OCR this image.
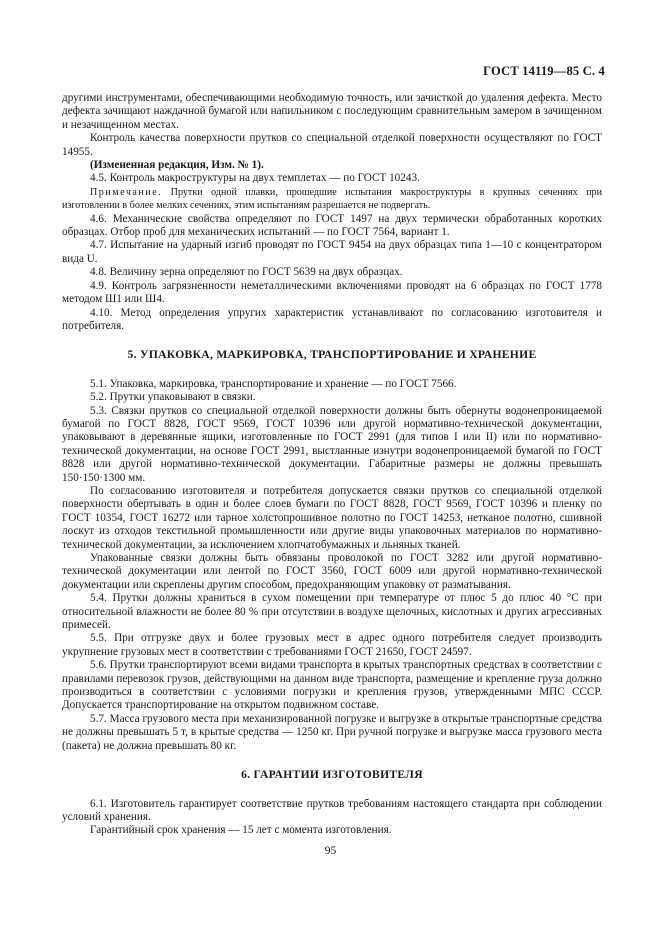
ГОСТ 14119—85 С. 4

другими инструментами, обеспечивающими необходимую точность, или зачисткой до удаления дефекта. Место дефекта зачищают наждачной бумагой или напильником с последующим сравнительным замером в зачищенном и незачищенном местах.

Контроль качества поверхности прутков со специальной отделкой поверхности осуществляют по ГОСТ 14955.

(Измененная редакция, Изм. № 1).

4.5. Контроль макроструктуры на двух темплетах — по ГОСТ 10243.

Примечание. Прутки одной плавки, прошедшие испытания макроструктуры в крупных сечениях при изготовлении в более мелких сечениях, этим испытаниям разрешается не подвергать.

4.6. Механические свойства определяют по ГОСТ 1497 на двух термически обработанных коротких образцах. Отбор проб для механических испытаний — по ГОСТ 7564, вариант 1.

4.7. Испытание на ударный изгиб проводят по ГОСТ 9454 на двух образцах типа 1—10 с концентратором вида U.

4.8. Величину зерна определяют по ГОСТ 5639 на двух образцах.

4.9. Контроль загрязненности неметаллическими включениями проводят на 6 образцах по ГОСТ 1778 методом Ш1 или Ш4.

4.10. Метод определения упругих характеристик устанавливают по согласованию изготовителя и потребителя.

5. УПАКОВКА, МАРКИРОВКА, ТРАНСПОРТИРОВАНИЕ И ХРАНЕНИЕ

5.1. Упаковка, маркировка, транспортирование и хранение — по ГОСТ 7566.

5.2. Прутки упаковывают в связки.

5.3. Связки прутков со специальной отделкой поверхности должны быть обернуты водонепроницаемой бумагой по ГОСТ 8828, ГОСТ 9569, ГОСТ 10396 или другой нормативно-технической документации, упаковывают в деревянные ящики, изготовленные по ГОСТ 2991 (для типов I или II) или по нормативно-технической документации, на основе ГОСТ 2991, выстланные изнутри водонепроницаемой бумагой по ГОСТ 8828 или другой нормативно-технической документации. Габаритные размеры не должны превышать 150·150·1300 мм.

По согласованию изготовителя и потребителя допускается связки прутков со специальной отделкой поверхности обертывать в один и более слоев бумаги по ГОСТ 8828, ГОСТ 9569, ГОСТ 10396 и пленку по ГОСТ 10354, ГОСТ 16272 или тарное холстопрошивное полотно по ГОСТ 14253, нетканое полотно, сшивной лоскут из отходов текстильной промышленности или другие виды упаковочных материалов по нормативно-технической документации, за исключением хлопчатобумажных и льняных тканей.

Упакованные связки должны быть обвязаны проволокой по ГОСТ 3282 или другой нормативно-технической документации или лентой по ГОСТ 3560, ГОСТ 6009 или другой нормативно-технической документации или скреплены другим способом, предохраняющим упаковку от разматывания.

5.4. Прутки должны храниться в сухом помещении при температуре от плюс 5 до плюс 40 °С при относительной влажности не более 80 % при отсутствии в воздухе щелочных, кислотных и других агрессивных примесей.

5.5. При отгрузке двух и более грузовых мест в адрес одного потребителя следует производить укрупнение грузовых мест в соответствии с требованиями ГОСТ 21650, ГОСТ 24597.

5.6. Прутки транспортируют всеми видами транспорта в крытых транспортных средствах в соответствии с правилами перевозок грузов, действующими на данном виде транспорта, размещение и крепление груза должно производиться в соответствии с условиями погрузки и крепления грузов, утвержденными МПС СССР. Допускается транспортирование на открытом подвижном составе.

5.7. Масса грузового места при механизированной погрузке и выгрузке в открытые транспортные средства не должны превышать 5 т, в крытые средства — 1250 кг. При ручной погрузке и выгрузке масса грузового места (пакета) не должна превышать 80 кг.

6. ГАРАНТИИ ИЗГОТОВИТЕЛЯ

6.1. Изготовитель гарантирует соответствие прутков требованиям настоящего стандарта при соблюдении условий хранения.

Гарантийный срок хранения — 15 лет с момента изготовления.

95
